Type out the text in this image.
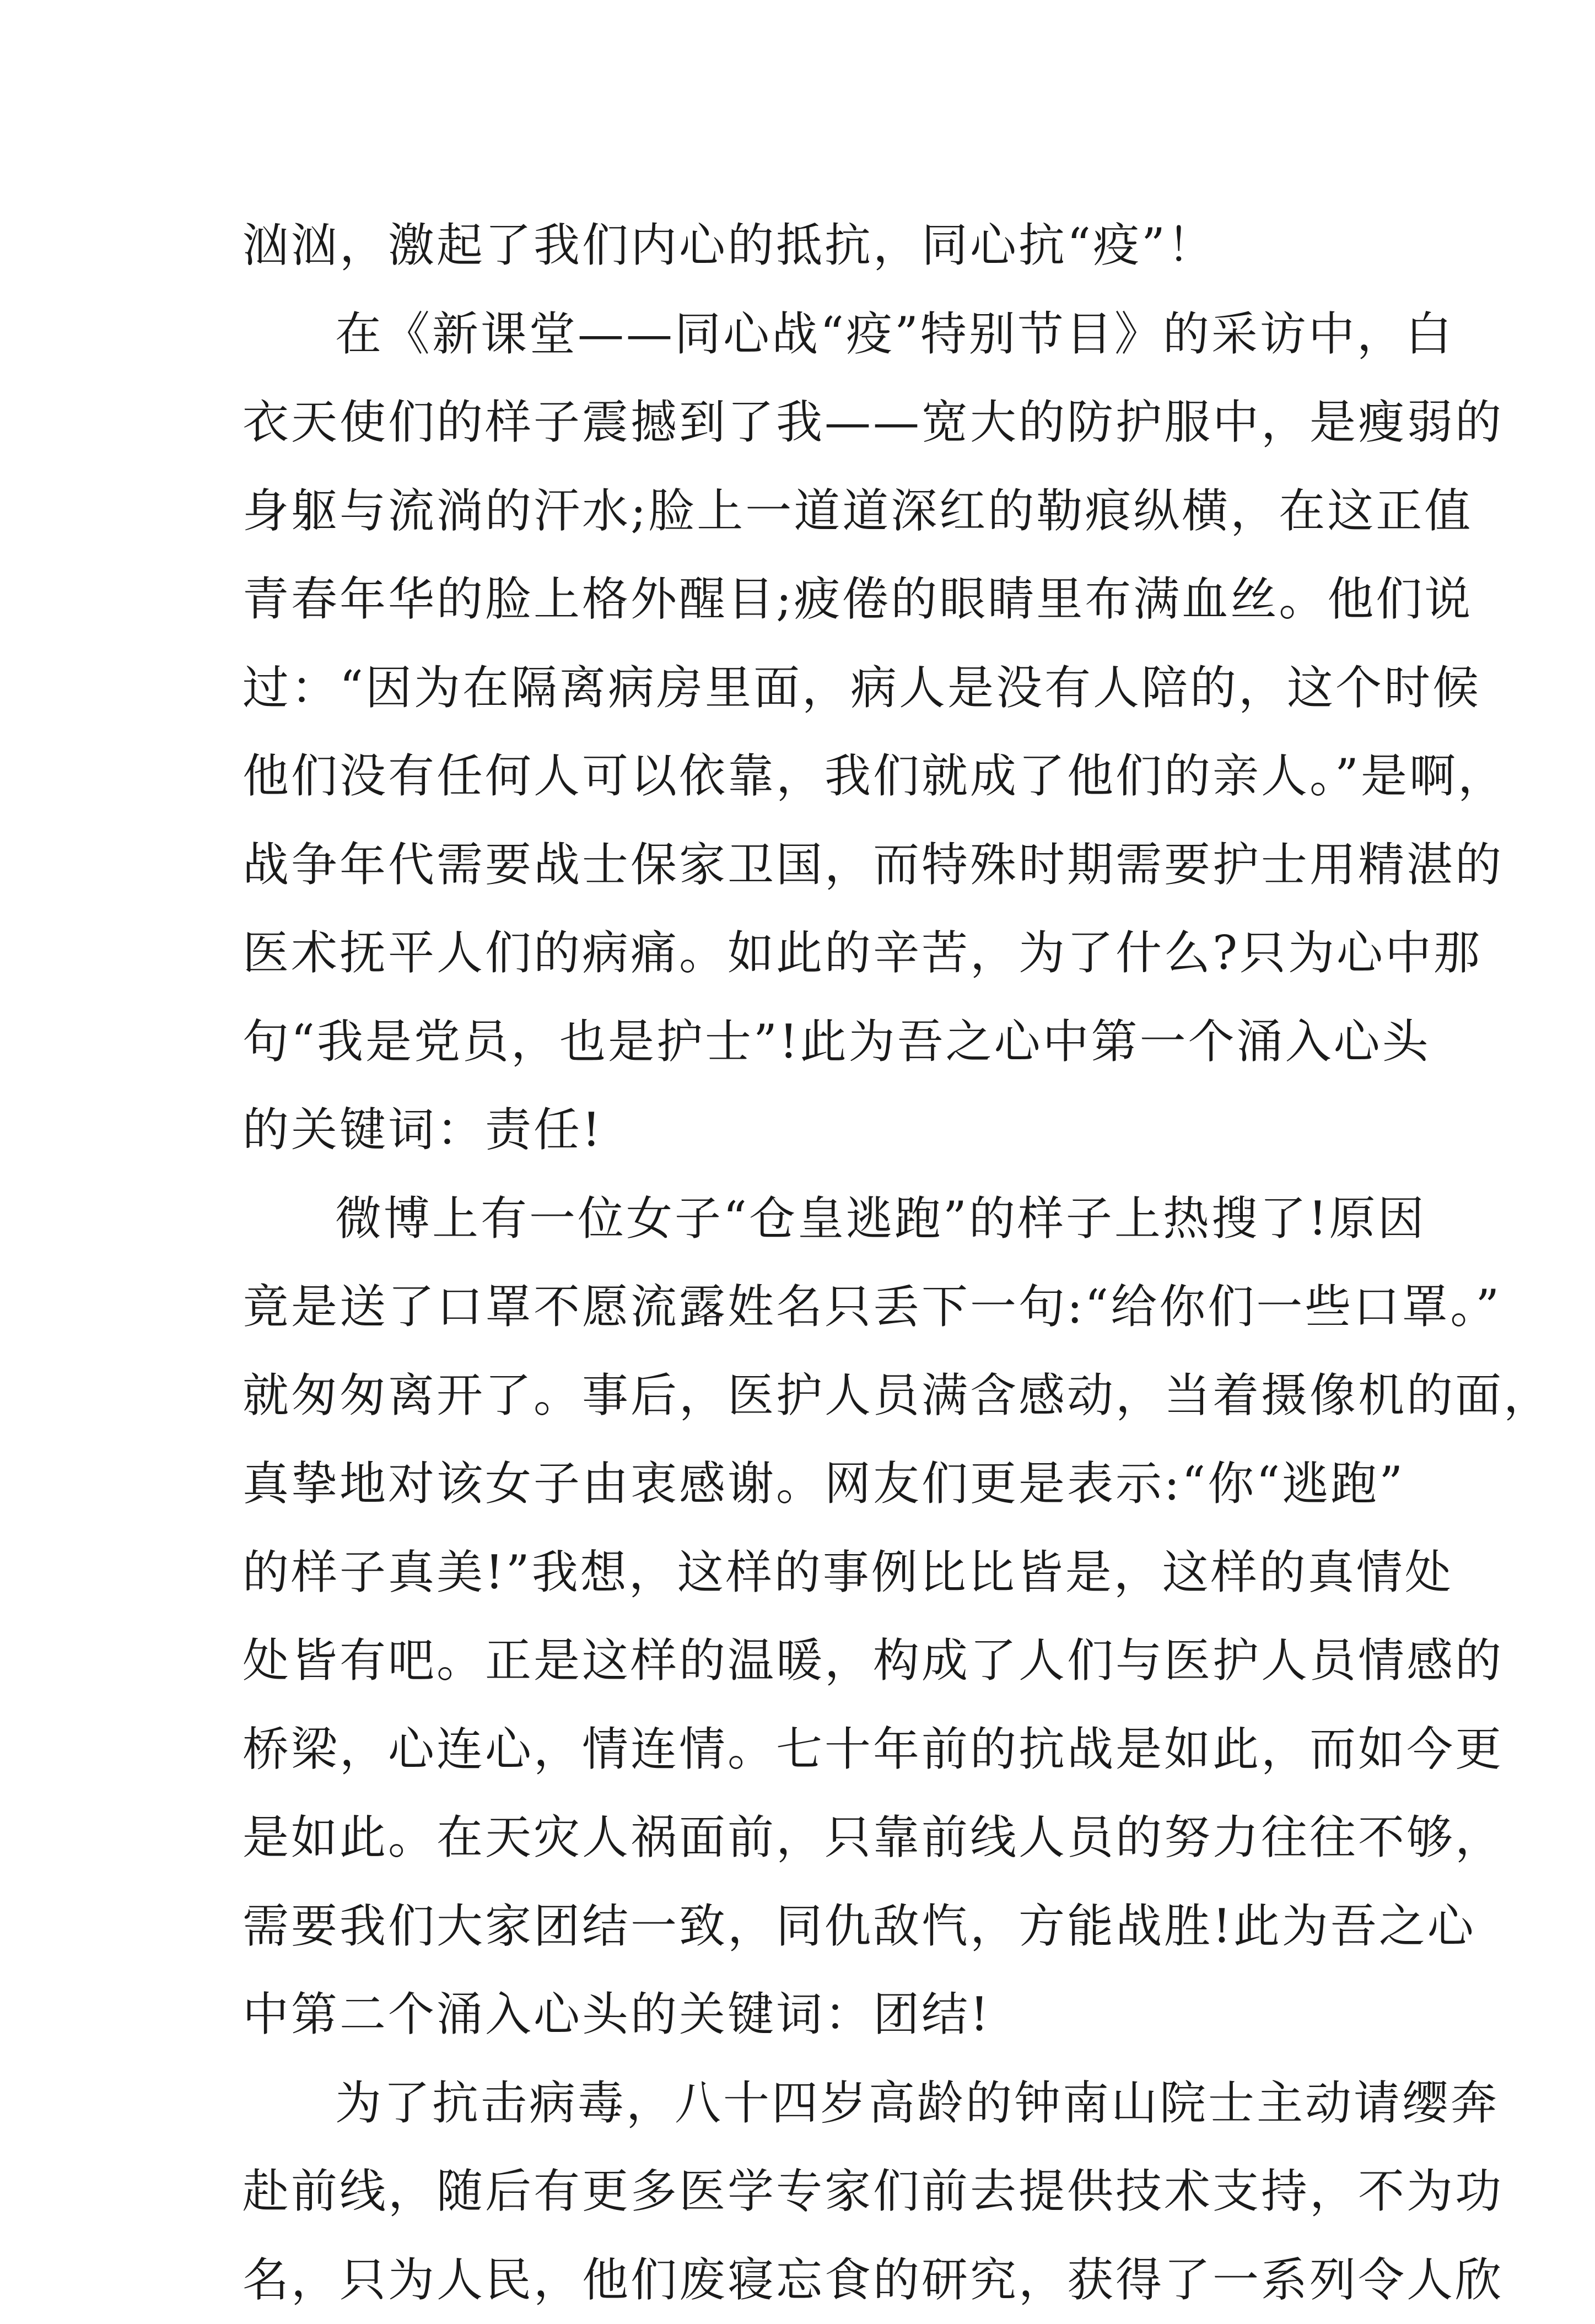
汹汹，激起了我们内心的抵抗，同心抗“疫”！
在《新课堂——同心战“疫”特别节目》的采访中，白
衣天使们的样子震撼到了我——宽大的防护服中，是瘦弱的
身躯与流淌的汗水;脸上一道道深红的勒痕纵横，在这正值
青春年华的脸上格外醒目;疲倦的眼睛里布满血丝。他们说
过：“因为在隔离病房里面，病人是没有人陪的，这个时候
他们没有任何人可以依靠，我们就成了他们的亲人。”是啊，
战争年代需要战士保家卫国，而特殊时期需要护士用精湛的
医术抚平人们的病痛。如此的辛苦，为了什么?只为心中那
句“我是党员，也是护士”!此为吾之心中第一个涌入心头
的关键词：责任!
微博上有一位女子“仓皇逃跑”的样子上热搜了!原因
竟是送了口罩不愿流露姓名只丢下一句:“给你们一些口罩。”
就匆匆离开了。事后，医护人员满含感动，当着摄像机的面，
真挚地对该女子由衷感谢。网友们更是表示:“你“逃跑”
的样子真美!”我想，这样的事例比比皆是，这样的真情处
处皆有吧。正是这样的温暖，构成了人们与医护人员情感的
桥梁，心连心，情连情。七十年前的抗战是如此，而如今更
是如此。在天灾人祸面前，只靠前线人员的努力往往不够，
需要我们大家团结一致，同仇敌忾，方能战胜!此为吾之心
中第二个涌入心头的关键词：团结!
为了抗击病毒，八十四岁高龄的钟南山院士主动请缨奔
赴前线，随后有更多医学专家们前去提供技术支持，不为功
名，只为人民，他们废寝忘食的研究，获得了一系列令人欣
